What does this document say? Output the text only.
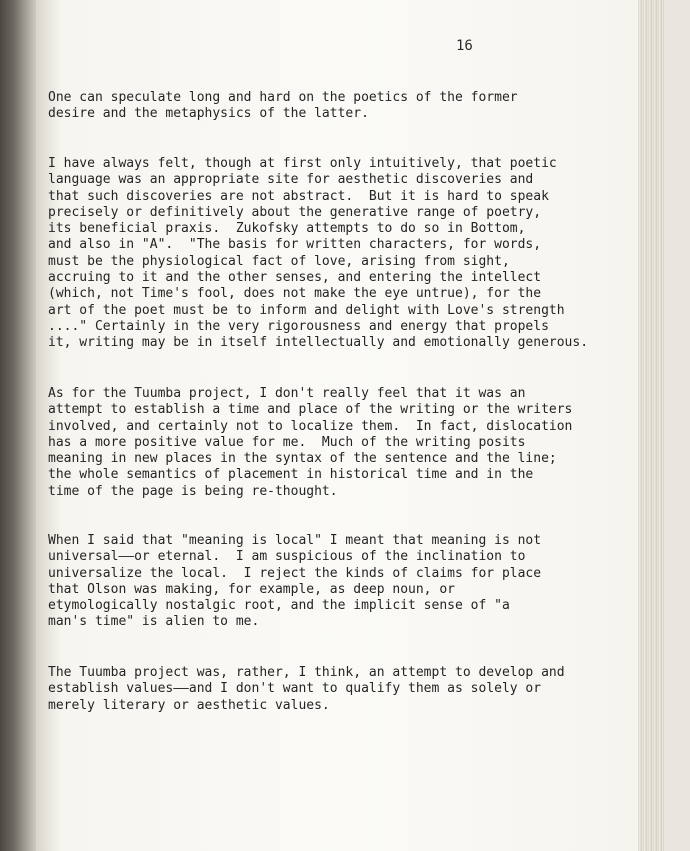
16
One can speculate long and hard on the poetics of the former
desire and the metaphysics of the latter.
I have always felt, though at first only intuitively, that poetic
language was an appropriate site for aesthetic discoveries and
that such discoveries are not abstract.  But it is hard to speak
precisely or definitively about the generative range of poetry,
its beneficial praxis.  Zukofsky attempts to do so in Bottom,
and also in "A".  "The basis for written characters, for words,
must be the physiological fact of love, arising from sight,
accruing to it and the other senses, and entering the intellect
(which, not Time's fool, does not make the eye untrue), for the
art of the poet must be to inform and delight with Love's strength
...." Certainly in the very rigorousness and energy that propels
it, writing may be in itself intellectually and emotionally generous.
As for the Tuumba project, I don't really feel that it was an
attempt to establish a time and place of the writing or the writers
involved, and certainly not to localize them.  In fact, dislocation
has a more positive value for me.  Much of the writing posits
meaning in new places in the syntax of the sentence and the line;
the whole semantics of placement in historical time and in the
time of the page is being re-thought.
When I said that "meaning is local" I meant that meaning is not
universal——or eternal.  I am suspicious of the inclination to
universalize the local.  I reject the kinds of claims for place
that Olson was making, for example, as deep noun, or
etymologically nostalgic root, and the implicit sense of "a
man's time" is alien to me.
The Tuumba project was, rather, I think, an attempt to develop and
establish values——and I don't want to qualify them as solely or
merely literary or aesthetic values.
